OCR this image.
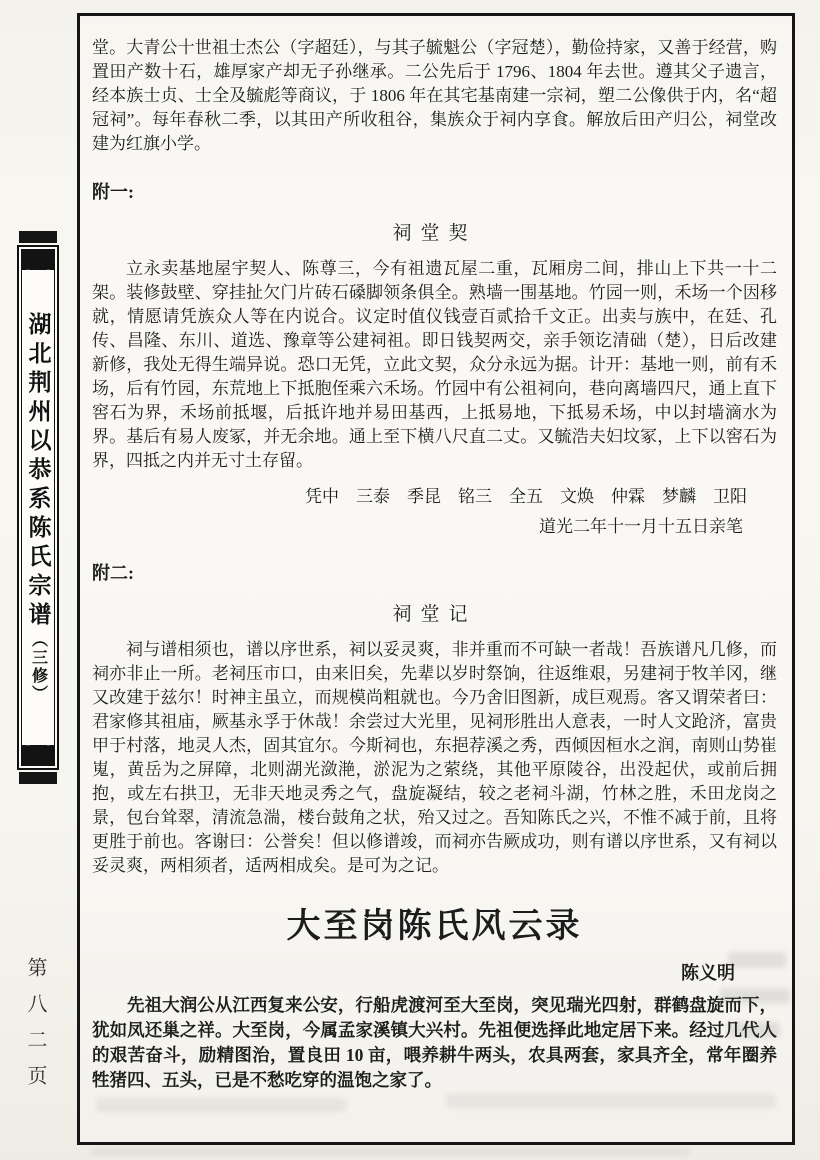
湖北荆州以恭系陈氏宗谱
（三修）
第八二页

堂。大青公十世祖士杰公（字超廷），与其子毓魁公（字冠楚），勤俭持家，又善于经营，购置田产数十石，雄厚家产却无子孙继承。二公先后于 1796、1804 年去世。遵其父子遗言，经本族士贞、士全及毓彪等商议，于 1806 年在其宅基南建一宗祠，塑二公像供于内，名“超冠祠”。每年春秋二季，以其田产所收租谷，集族众于祠内享食。解放后田产归公，祠堂改建为红旗小学。

附一:
祠堂契

立永卖基地屋宇契人、陈尊三，今有祖遗瓦屋二重，瓦厢房二间，排山上下共一十二架。装修鼓壁、穿挂扯欠门片砖石磉脚领条俱全。熟墙一围基地。竹园一则，禾场一个因移就，情愿请凭族众人等在内说合。议定时值仪钱壹百贰拾千文正。出卖与族中，在廷、孔传、昌隆、东川、道选、豫章等公建祠祖。即日钱契两交，亲手领讫清础（楚），日后改建新修，我处无得生端异说。恐口无凭，立此文契，众分永远为据。计开：基地一则，前有禾场，后有竹园，东荒地上下抵胞侄乘六禾场。竹园中有公祖祠向，巷向离墙四尺，通上直下窖石为界，禾场前抵堰，后抵许地并易田基西，上抵易地，下抵易禾场，中以封墙滴水为界。基后有易人废冢，并无余地。通上至下横八尺直二丈。又毓浩夫妇坟冢，上下以窖石为界，四抵之内并无寸土存留。

凭中　三泰　季昆　铭三　全五　文焕　仲霖　梦麟　卫阳
道光二年十一月十五日亲笔
附二:
祠堂记

祠与谱相须也，谱以序世系，祠以妥灵爽，非并重而不可缺一者哉！吾族谱凡几修，而祠亦非止一所。老祠压市口，由来旧矣，先辈以岁时祭饷，往返维艰，另建祠于牧羊冈，继又改建于兹尔！时神主虽立，而规模尚粗就也。今乃舍旧图新，成巨观焉。客又谓荣者曰：君家修其祖庙，厥基永孚于休哉！余尝过大光里，见祠形胜出人意表，一时人文跄济，富贵甲于村落，地灵人杰，固其宜尔。今斯祠也，东挹荐溪之秀，西倾因桓水之润，南则山势崔嵬，黄岳为之屏障，北则湖光潋滟，淤泥为之萦绕，其他平原陵谷，出没起伏，或前后拥抱，或左右拱卫，无非天地灵秀之气，盘旋凝结，较之老祠斗湖，竹林之胜，禾田龙岗之景，包台耸翠，清流急湍，楼台鼓角之状，殆又过之。吾知陈氏之兴，不惟不减于前，且将更胜于前也。客谢曰：公誉矣！但以修谱竣，而祠亦告厥成功，则有谱以序世系，又有祠以妥灵爽，两相须者，适两相成矣。是可为之记。

大至岗陈氏风云录
陈义明

先祖大润公从江西复来公安，行船虎渡河至大至岗，突见瑞光四射，群鹤盘旋而下，犹如凤还巢之祥。大至岗，今属孟家溪镇大兴村。先祖便选择此地定居下来。经过几代人的艰苦奋斗，励精图治，置良田 10 亩，喂养耕牛两头，农具两套，家具齐全，常年圈养牲猪四、五头，已是不愁吃穿的温饱之家了。
